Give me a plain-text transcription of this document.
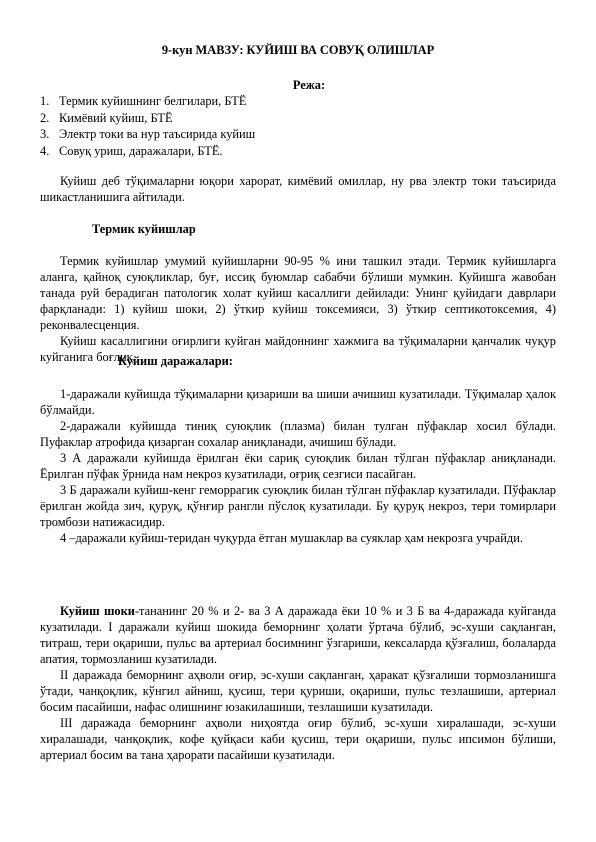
9-кун МАВЗУ: КУЙИШ ВА СОВУҚ ОЛИШЛАР
Режа:
1. Термик куйишнинг белгилари, БТЁ
2. Кимёвий куйиш, БТЁ
3. Электр токи ва нур таъсирида куйиш
4. Совуқ уриш, даражалари, БТЁ.

Куйиш деб тўқималарни юқори харорат, кимёвий омиллар, ну рва электр токи таъсирида шикастланишига айтилади.

Термик куйишлар

Термик куйишлар умумий куйишларни 90-95 % ини ташкил этади. Термик куйишларга аланга, қайноқ суюқликлар, буғ, иссиқ буюмлар сабабчи бўлиши мумкин. Куйишга жавобан танада руй берадиган патологик холат куйиш касаллиги дейилади: Унинг қуйидаги даврлари фарқланади: 1) куйиш шоки, 2) ўткир куйиш токсемияси, 3) ўткир септикотоксемия, 4) реконвалесценция.

Куйиш касаллигини оғирлиги куйган майдоннинг хажмига ва тўқималарни қанчалик чуқур куйганига боғлиқ.

Куйиш даражалари:

1-даражали куйишда тўқималарни қизариши ва шиши ачишиш кузатилади. Тўқималар ҳалок бўлмайди.

2-даражали куйишда тиниқ суюқлик (плазма) билан тулган пўфаклар хосил бўлади. Пуфаклар атрофида қизарган сохалар аниқланади, ачишиш бўлади.

3 А даражали куйишда ёрилган ёки сариқ суюқлик билан тўлган пўфаклар аниқланади. Ёрилган пўфак ўрнида нам некроз кузатилади, оғриқ сезгиси пасайган.

3 Б даражали куйиш-кенг геморрагик суюқлик билан тўлган пўфаклар кузатилади. Пўфаклар ёрилган жойда зич, қуруқ, қўнғир рангли пўслоқ кузатилади. Бу қуруқ некроз, тери томирлари тромбози натижасидир.

4 –даражали куйиш-теридан чуқурда ётган мушаклар ва суяклар ҳам некрозга учрайди.

Куйиш шоки-тананинг 20 % и 2- ва 3 А даражада ёки 10 % и 3 Б ва 4-даражада куйганда кузатилади. I даражали куйиш шокида беморнинг ҳолати ўртача бўлиб, эс-хуши сақланган, титраш, тери оқариши, пульс ва артериал босимнинг ўзгариши, кексаларда қўзғалиш, болаларда апатия, тормозланиш кузатилади.

II даражада беморнинг аҳволи оғир, эс-хуши сақланган, ҳаракат қўзғалиши тормозланишга ўтади, чанқоқлик, кўнгил айниш, қусиш, тери қуриши, оқариши, пульс тезлашиши, артериал босим пасайиши, нафас олишнинг юзакилашиши, тезлашиши кузатилади.

III даражада беморнинг аҳволи ниҳоятда оғир бўлиб, эс-хуши хиралашади, эс-хуши хиралашади, чанқоқлик, кофе қуйқаси каби қусиш, тери оқариши, пульс ипсимон бўлиши, артериал босим ва тана ҳарорати пасайиши кузатилади.
